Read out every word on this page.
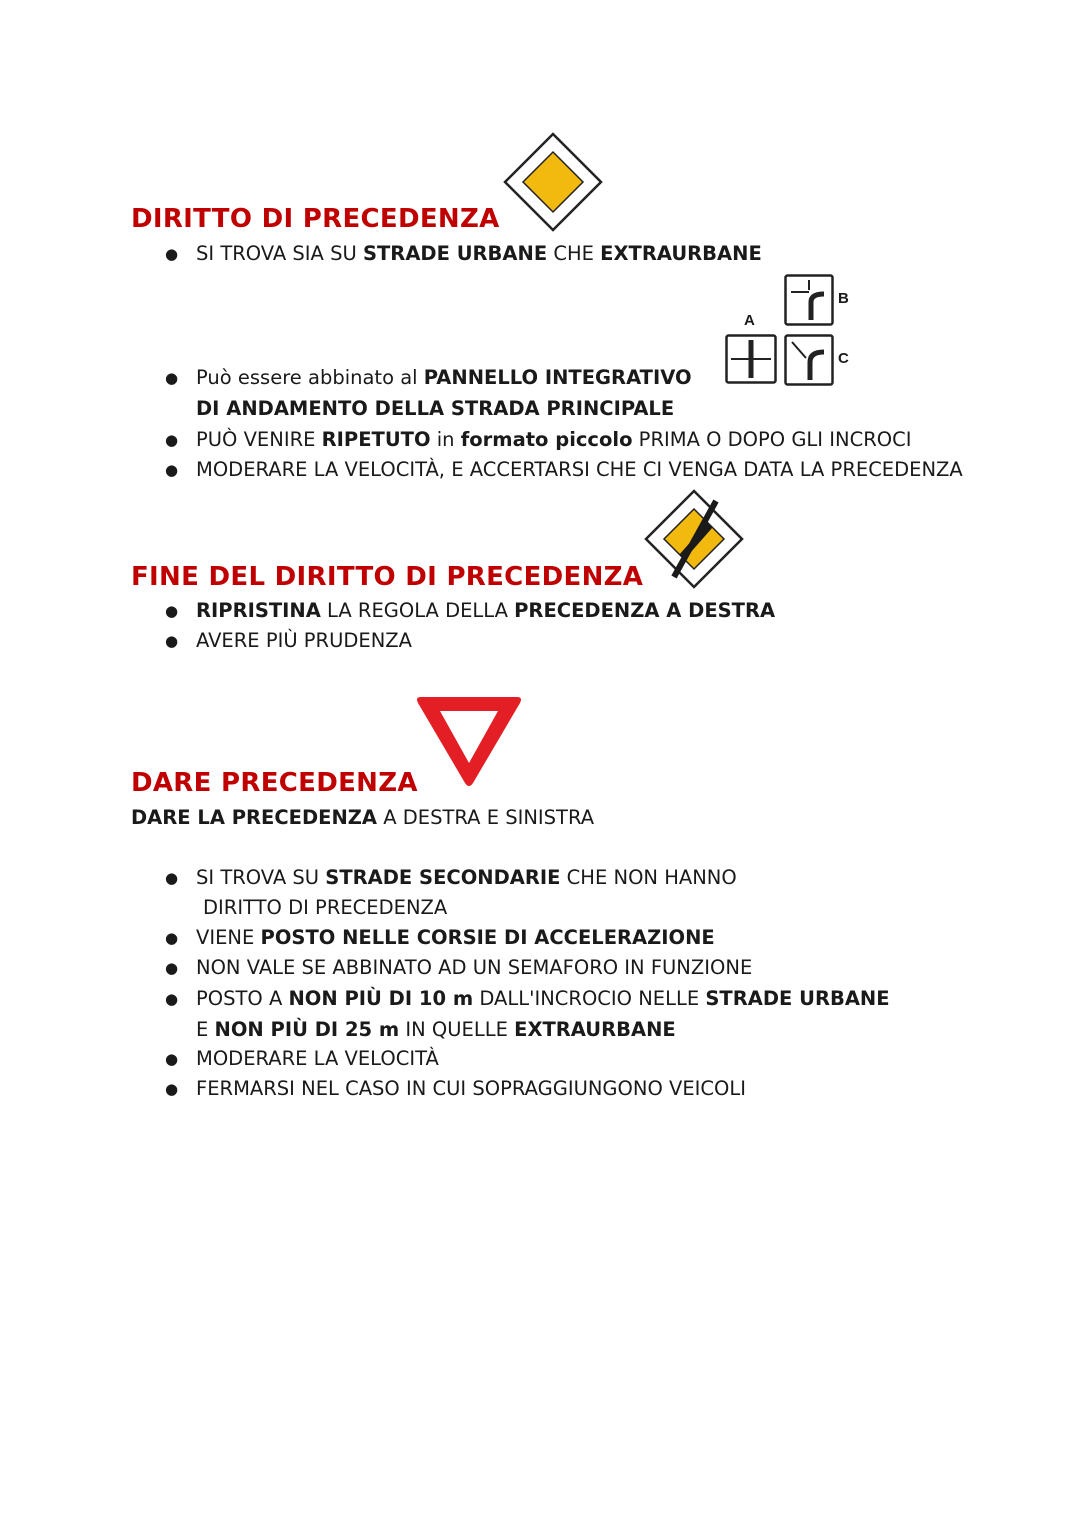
DIRITTO DI PRECEDENZA
● SI TROVA SIA SU STRADE URBANE CHE EXTRAURBANE
A
B
C
● Può essere abbinato al PANNELLO INTEGRATIVO
DI ANDAMENTO DELLA STRADA PRINCIPALE
● PUÒ VENIRE RIPETUTO in formato piccolo PRIMA O DOPO GLI INCROCI
● MODERARE LA VELOCITÀ, E ACCERTARSI CHE CI VENGA DATA LA PRECEDENZA
FINE DEL DIRITTO DI PRECEDENZA
● RIPRISTINA LA REGOLA DELLA PRECEDENZA A DESTRA
● AVERE PIÙ PRUDENZA
DARE PRECEDENZA
DARE LA PRECEDENZA A DESTRA E SINISTRA
● SI TROVA SU STRADE SECONDARIE CHE NON HANNO
DIRITTO DI PRECEDENZA
● VIENE POSTO NELLE CORSIE DI ACCELERAZIONE
● NON VALE SE ABBINATO AD UN SEMAFORO IN FUNZIONE
● POSTO A NON PIÙ DI 10 m DALL'INCROCIO NELLE STRADE URBANE
E NON PIÙ DI 25 m IN QUELLE EXTRAURBANE
● MODERARE LA VELOCITÀ
● FERMARSI NEL CASO IN CUI SOPRAGGIUNGONO VEICOLI
